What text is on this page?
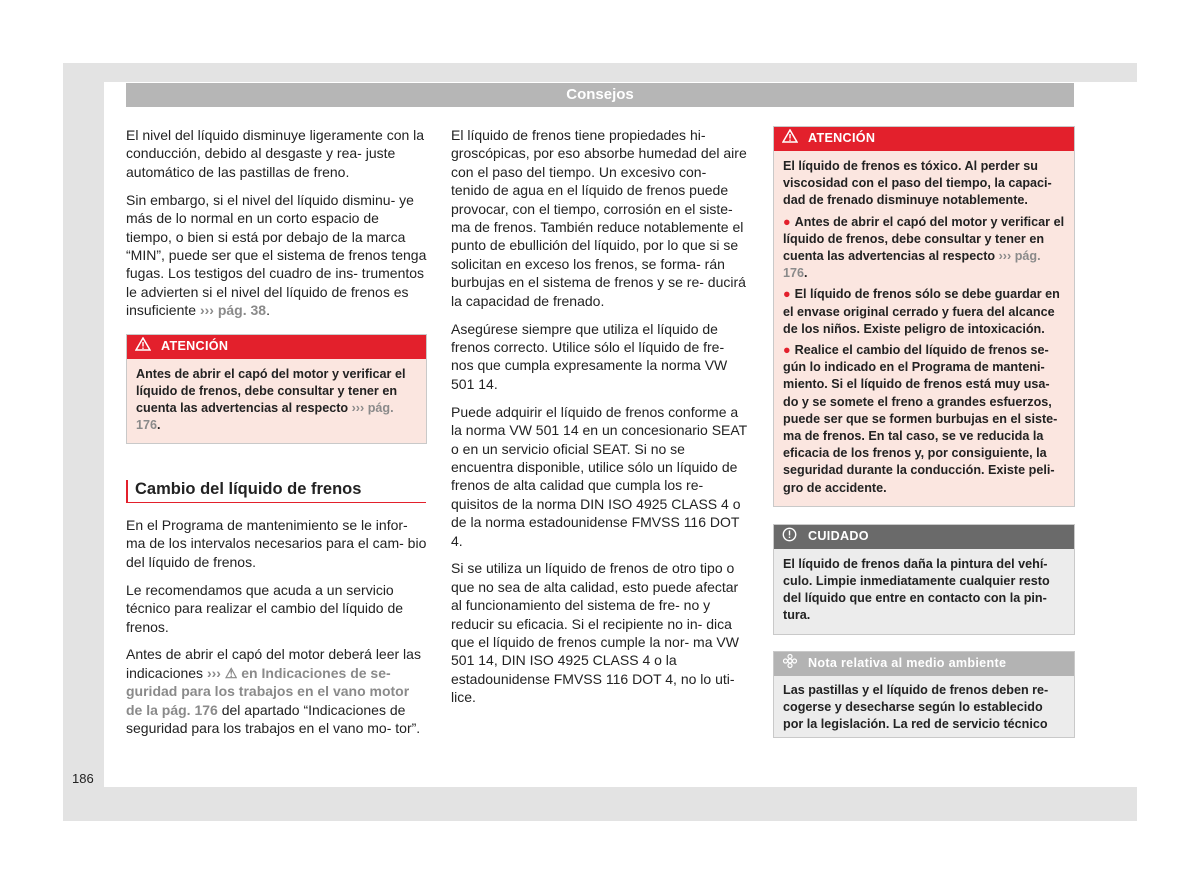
Consejos

El nivel del líquido disminuye ligeramente con la conducción, debido al desgaste y rea- juste automático de las pastillas de freno.

Sin embargo, si el nivel del líquido disminu- ye más de lo normal en un corto espacio de tiempo, o bien si está por debajo de la marca “MIN”, puede ser que el sistema de frenos tenga fugas. Los testigos del cuadro de ins- trumentos le advierten si el nivel del líquido de frenos es insuficiente ››› pág. 38.

ATENCIÓN
Antes de abrir el capó del motor y verificar el líquido de frenos, debe consultar y tener en cuenta las advertencias al respecto ››› pág. 176.
Cambio del líquido de frenos

En el Programa de mantenimiento se le infor- ma de los intervalos necesarios para el cam- bio del líquido de frenos.

Le recomendamos que acuda a un servicio técnico para realizar el cambio del líquido de frenos.

Antes de abrir el capó del motor deberá leer las indicaciones ››› ⚠ en Indicaciones de se- guridad para los trabajos en el vano motor de la pág. 176 del apartado “Indicaciones de seguridad para los trabajos en el vano mo- tor”.

El líquido de frenos tiene propiedades hi- groscópicas, por eso absorbe humedad del aire con el paso del tiempo. Un excesivo con- tenido de agua en el líquido de frenos puede provocar, con el tiempo, corrosión en el siste- ma de frenos. También reduce notablemente el punto de ebullición del líquido, por lo que si se solicitan en exceso los frenos, se forma- rán burbujas en el sistema de frenos y se re- ducirá la capacidad de frenado.

Asegúrese siempre que utiliza el líquido de frenos correcto. Utilice sólo el líquido de fre- nos que cumpla expresamente la norma VW 501 14.

Puede adquirir el líquido de frenos conforme a la norma VW 501 14 en un concesionario SEAT o en un servicio oficial SEAT. Si no se encuentra disponible, utilice sólo un líquido de frenos de alta calidad que cumpla los re- quisitos de la norma DIN ISO 4925 CLASS 4 o de la norma estadounidense FMVSS 116 DOT 4.

Si se utiliza un líquido de frenos de otro tipo o que no sea de alta calidad, esto puede afectar al funcionamiento del sistema de fre- no y reducir su eficacia. Si el recipiente no in- dica que el líquido de frenos cumple la nor- ma VW 501 14, DIN ISO 4925 CLASS 4 o la estadounidense FMVSS 116 DOT 4, no lo uti- lice.

ATENCIÓN

El líquido de frenos es tóxico. Al perder su viscosidad con el paso del tiempo, la capaci- dad de frenado disminuye notablemente.

● Antes de abrir el capó del motor y verificar el líquido de frenos, debe consultar y tener en cuenta las advertencias al respecto ››› pág. 176.

● El líquido de frenos sólo se debe guardar en el envase original cerrado y fuera del alcance de los niños. Existe peligro de intoxicación.

● Realice el cambio del líquido de frenos se- gún lo indicado en el Programa de manteni- miento. Si el líquido de frenos está muy usa- do y se somete el freno a grandes esfuerzos, puede ser que se formen burbujas en el siste- ma de frenos. En tal caso, se ve reducida la eficacia de los frenos y, por consiguiente, la seguridad durante la conducción. Existe peli- gro de accidente.

CUIDADO
El líquido de frenos daña la pintura del vehí- culo. Limpie inmediatamente cualquier resto del líquido que entre en contacto con la pin- tura.
Nota relativa al medio ambiente
Las pastillas y el líquido de frenos deben re- cogerse y desecharse según lo establecido por la legislación. La red de servicio técnico
186
